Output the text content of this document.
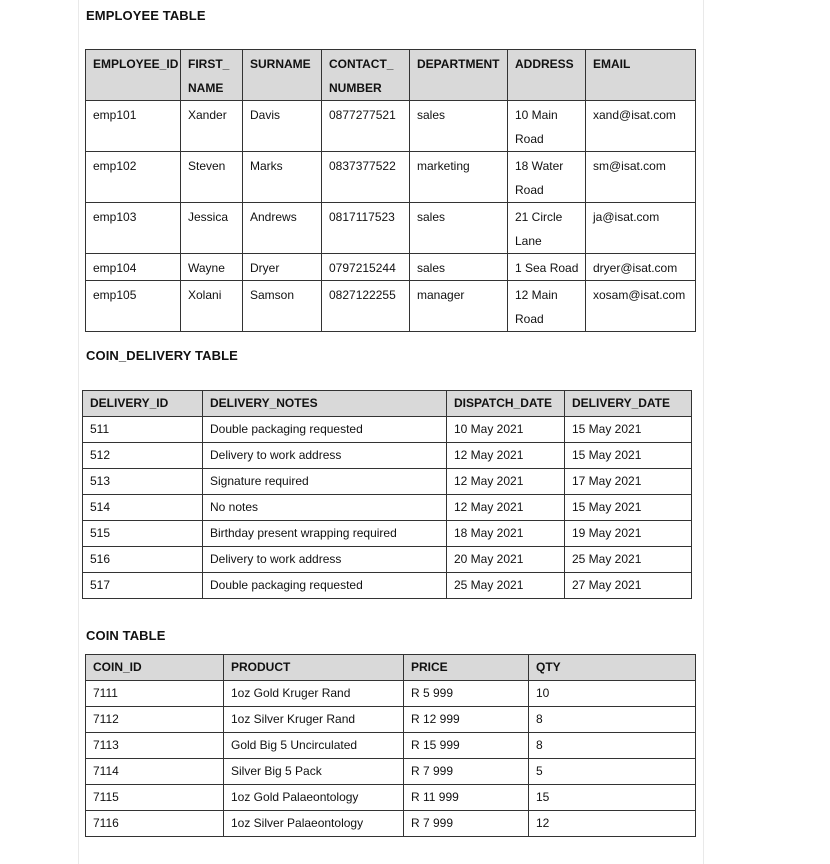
EMPLOYEE TABLE
EMPLOYEE_ID	FIRST_ NAME	SURNAME	CONTACT_ NUMBER	DEPARTMENT	ADDRESS	EMAIL
emp101	Xander	Davis	0877277521	sales	10 Main Road	xand@isat.com
emp102	Steven	Marks	0837377522	marketing	18 Water Road	sm@isat.com
emp103	Jessica	Andrews	0817117523	sales	21 Circle Lane	ja@isat.com
emp104	Wayne	Dryer	0797215244	sales	1 Sea Road	dryer@isat.com
emp105	Xolani	Samson	0827122255	manager	12 Main Road	xosam@isat.com
COIN_DELIVERY TABLE
DELIVERY_ID	DELIVERY_NOTES	DISPATCH_DATE	DELIVERY_DATE
511	Double packaging requested	10 May 2021	15 May 2021
512	Delivery to work address	12 May 2021	15 May 2021
513	Signature required	12 May 2021	17 May 2021
514	No notes	12 May 2021	15 May 2021
515	Birthday present wrapping required	18 May 2021	19 May 2021
516	Delivery to work address	20 May 2021	25 May 2021
517	Double packaging requested	25 May 2021	27 May 2021
COIN TABLE
COIN_ID	PRODUCT	PRICE	QTY
7111	1oz Gold Kruger Rand	R 5 999	10
7112	1oz Silver Kruger Rand	R 12 999	8
7113	Gold Big 5 Uncirculated	R 15 999	8
7114	Silver Big 5 Pack	R 7 999	5
7115	1oz Gold Palaeontology	R 11 999	15
7116	1oz Silver Palaeontology	R 7 999	12
